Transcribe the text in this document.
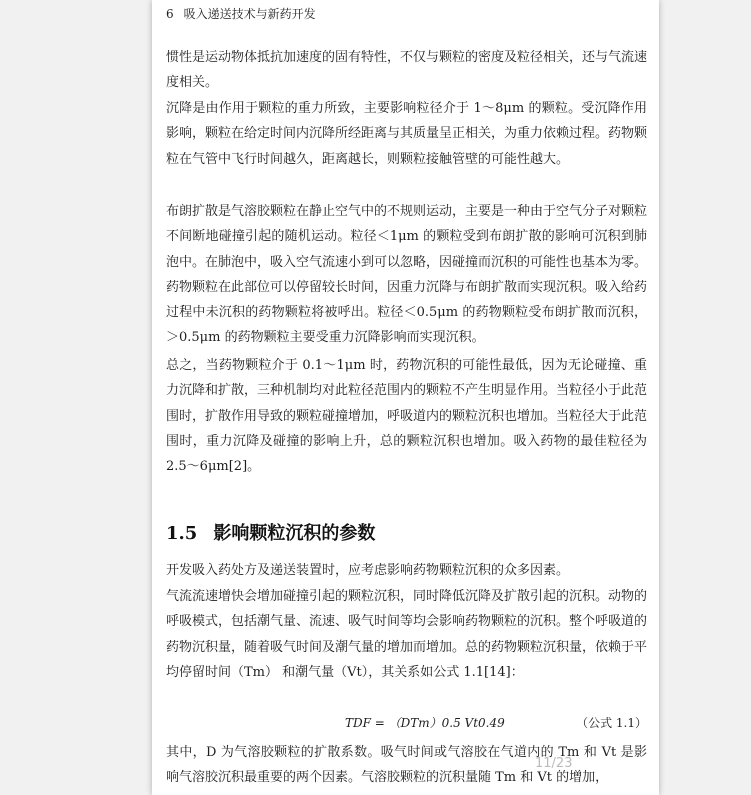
6 吸入递送技术与新药开发

惯性是运动物体抵抗加速度的固有特性，不仅与颗粒的密度及粒径相关，还与气流速度相关。

沉降是由作用于颗粒的重力所致，主要影响粒径介于 1～8μm 的颗粒。受沉降作用影响，颗粒在给定时间内沉降所经距离与其质量呈正相关，为重力依赖过程。药物颗粒在气管中飞行时间越久，距离越长，则颗粒接触管壁的可能性越大。

布朗扩散是气溶胶颗粒在静止空气中的不规则运动，主要是一种由于空气分子对颗粒不间断地碰撞引起的随机运动。粒径＜1μm 的颗粒受到布朗扩散的影响可沉积到肺泡中。在肺泡中，吸入空气流速小到可以忽略，因碰撞而沉积的可能性也基本为零。药物颗粒在此部位可以停留较长时间，因重力沉降与布朗扩散而实现沉积。吸入给药过程中未沉积的药物颗粒将被呼出。粒径＜0.5μm 的药物颗粒受布朗扩散而沉积， ＞0.5μm 的药物颗粒主要受重力沉降影响而实现沉积。

总之，当药物颗粒介于 0.1～1μm 时，药物沉积的可能性最低，因为无论碰撞、重力沉降和扩散，三种机制均对此粒径范围内的颗粒不产生明显作用。当粒径小于此范围时，扩散作用导致的颗粒碰撞增加，呼吸道内的颗粒沉积也增加。当粒径大于此范围时，重力沉降及碰撞的影响上升，总的颗粒沉积也增加。吸入药物的最佳粒径为 2.5～6μm[2]。

1.5 影响颗粒沉积的参数

开发吸入药处方及递送装置时，应考虑影响药物颗粒沉积的众多因素。

气流流速增快会增加碰撞引起的颗粒沉积，同时降低沉降及扩散引起的沉积。动物的呼吸模式，包括潮气量、流速、吸气时间等均会影响药物颗粒的沉积。整个呼吸道的药物沉积量，随着吸气时间及潮气量的增加而增加。总的药物颗粒沉积量，依赖于平均停留时间（Tm） 和潮气量（Vt），其关系如公式 1.1[14]：

TDF = （DTm）0.5 Vt0.49	（公式 1.1）

其中，D 为气溶胶颗粒的扩散系数。吸气时间或气溶胶在气道内的 Tm 和 Vt 是影响气溶胶沉积最重要的两个因素。气溶胶颗粒的沉积量随 Tm 和 Vt 的增加，

11/23
